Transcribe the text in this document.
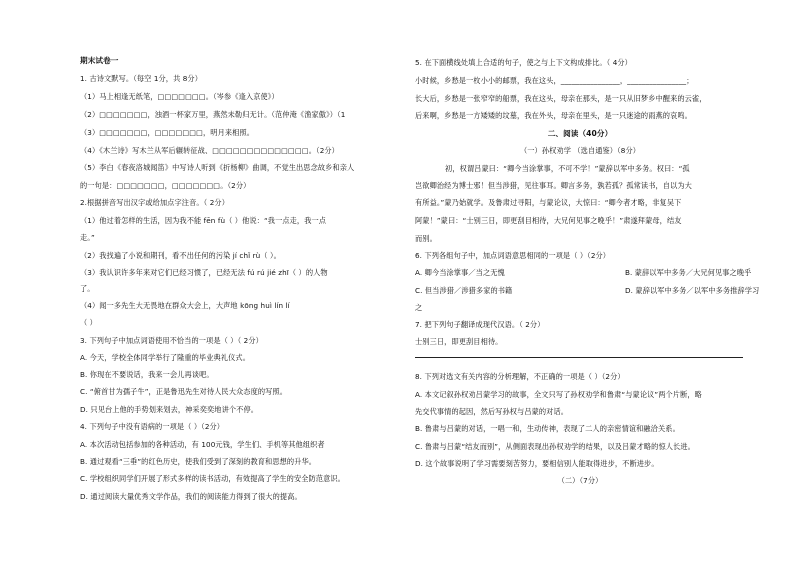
期末试卷一
1. 古诗文默写。（每空 1分，共 8分）
（1）马上相逢无纸笔，□□□□□□□。（岑参《逢入京使》）
（2）□□□□□□□，浊酒一杯家万里，燕然未勒归无计。（范仲淹《渔家傲》）（1
（3）□□□□□□□，□□□□□□□，明月来相照。
（4）《木兰诗》写木兰从军后辗转征战、□□□□□□□□□□□□□□。（2分）
（5）李白《春夜洛城闻笛》中写诗人听到《折杨柳》曲调，不觉生出思念故乡和亲人
的一句是：□□□□□□□，□□□□□□□。（2分）
2.根据拼音写出汉字或给加点字注音。（ 2分）
（1）他过着怎样的生活，因为我不能 fēn fù（ ）他说：“我一点走，我一点
走。”
（2）我找遍了小说和期刊，看不出任何的污染 jí chǐ rù（ ）。
（3）我认识许多年来对它们已经习惯了，已经无法 fú rú jié zhī（ ）的人物
了。
（4）闻一多先生大无畏地在群众大会上，大声地 kōng huì lín lí
（ ）
3. 下列句子中加点词语使用不恰当的一项是（ ）（ 2分）
A. 今天，学校全体同学举行了隆重的毕业典礼仪式。
B. 你现在不要说话，我来一会儿再谈吧。
C. “俯首甘为孺子牛”，正是鲁迅先生对待人民大众态度的写照。
D. 只见台上他的手势划来划去，神采奕奕地讲个不停。
4. 下列句子中没有语病的一项是（ ）（2分）
A. 本次活动包括参加的各种活动，有 100元钱，学生们、手机等其他组织者
B. 通过观看“三垂”的红色历史，使我们受到了深刻的教育和思想的升华。
C. 学校组织同学们开展了形式多样的读书活动，有效提高了学生的安全防范意识。
D. 通过阅读大量优秀文学作品，我们的阅读能力得到了很大的提高。
5. 在下面横线处填上合适的句子，使之与上下文构成排比。（ 4分）
小时候，乡愁是一枚小小的邮票，我在这头，________________，________________；
长大后，乡愁是一张窄窄的船票，我在这头，母亲在那头，是一只从旧梦乡中醒来的云雀，
后来啊，乡愁是一方矮矮的坟墓，我在外头，母亲在里头，是一只迷途的雨燕的哀鸣。
二、阅读（40分）
（一）孙权劝学 （选自通鉴）（8分）
初，权谓吕蒙曰：“卿今当涂掌事，不可不学！”蒙辞以军中多务。权曰：“孤
岂欲卿治经为博士邪！但当涉猎，见往事耳。卿言多务，孰若孤？孤常读书，自以为大
有所益。”蒙乃始就学。及鲁肃过寻阳，与蒙论议，大惊曰：“卿今者才略，非复吴下
阿蒙！”蒙曰：“士别三日，即更刮目相待，大兄何见事之晚乎！”肃遂拜蒙母，结友
而别。
6. 下列各组句子中，加点词语意思相同的一项是（ ）（2分）
A. 卿今当涂掌事／当之无愧	B. 蒙辞以军中多务／大兄何见事之晚乎
C. 但当涉猎／涉猎多家的书籍	D. 蒙辞以军中多务／以军中多务推辞学习
之
7. 把下列句子翻译成现代汉语。（ 2分）
士别三日，即更刮目相待。
8. 下列对选文有关内容的分析理解，不正确的一项是（ ）（2分）
A. 本文记叙孙权劝吕蒙学习的故事，全文只写了孙权劝学和鲁肃“与蒙论议”两个片断，略
先交代事情的起因，然后写孙权与吕蒙的对话。
B. 鲁肃与吕蒙的对话，一唱一和，生动传神，表现了二人的亲密情谊和融洽关系。
C. 鲁肃与吕蒙“结友而别”，从侧面表现出孙权劝学的结果，以及吕蒙才略的惊人长进。
D. 这个故事说明了学习需要刻苦努力，要相信别人能取得进步，不断进步。
（二）（7分）
